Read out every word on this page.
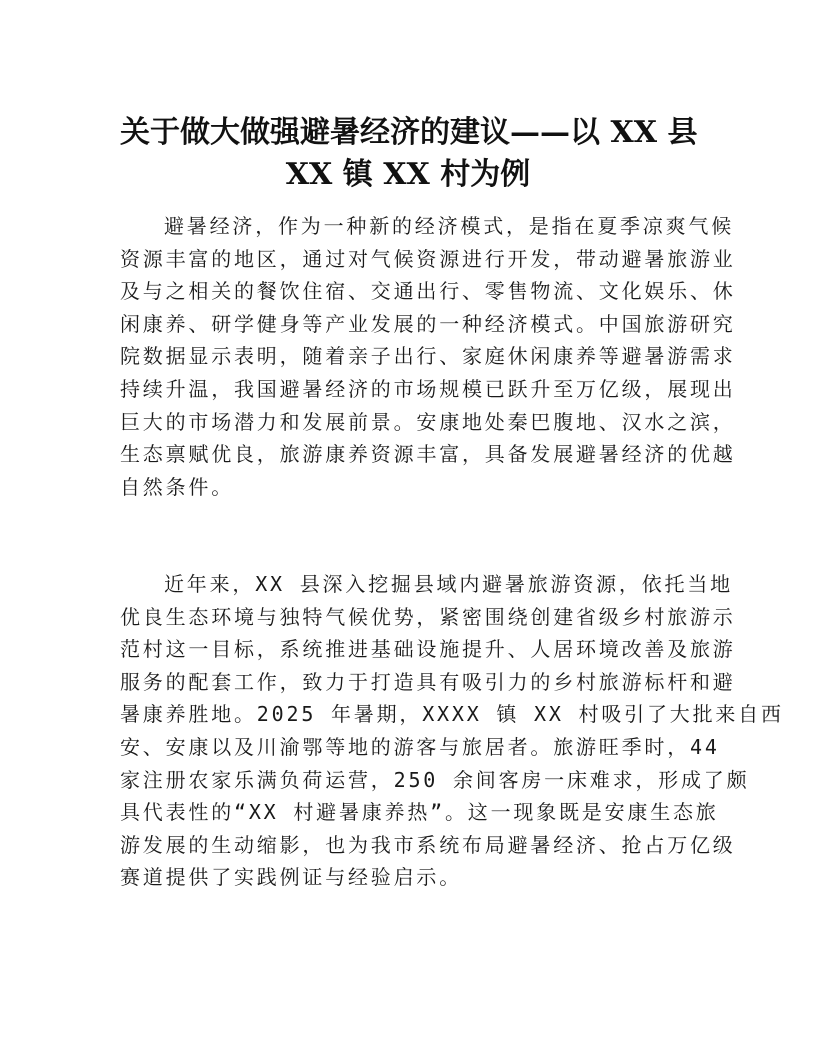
关于做大做强避暑经济的建议——以 XX 县
XX 镇 XX 村为例
避暑经济，作为一种新的经济模式，是指在夏季凉爽气候
资源丰富的地区，通过对气候资源进行开发，带动避暑旅游业
及与之相关的餐饮住宿、交通出行、零售物流、文化娱乐、休
闲康养、研学健身等产业发展的一种经济模式。中国旅游研究
院数据显示表明，随着亲子出行、家庭休闲康养等避暑游需求
持续升温，我国避暑经济的市场规模已跃升至万亿级，展现出
巨大的市场潜力和发展前景。安康地处秦巴腹地、汉水之滨，
生态禀赋优良，旅游康养资源丰富，具备发展避暑经济的优越
自然条件。
近年来，XX 县深入挖掘县域内避暑旅游资源，依托当地
优良生态环境与独特气候优势，紧密围绕创建省级乡村旅游示
范村这一目标，系统推进基础设施提升、人居环境改善及旅游
服务的配套工作，致力于打造具有吸引力的乡村旅游标杆和避
暑康养胜地。2025 年暑期，XXXX 镇 XX 村吸引了大批来自西
安、安康以及川渝鄂等地的游客与旅居者。旅游旺季时，44
家注册农家乐满负荷运营，250 余间客房一床难求，形成了颇
具代表性的“XX 村避暑康养热”。这一现象既是安康生态旅
游发展的生动缩影，也为我市系统布局避暑经济、抢占万亿级
赛道提供了实践例证与经验启示。
